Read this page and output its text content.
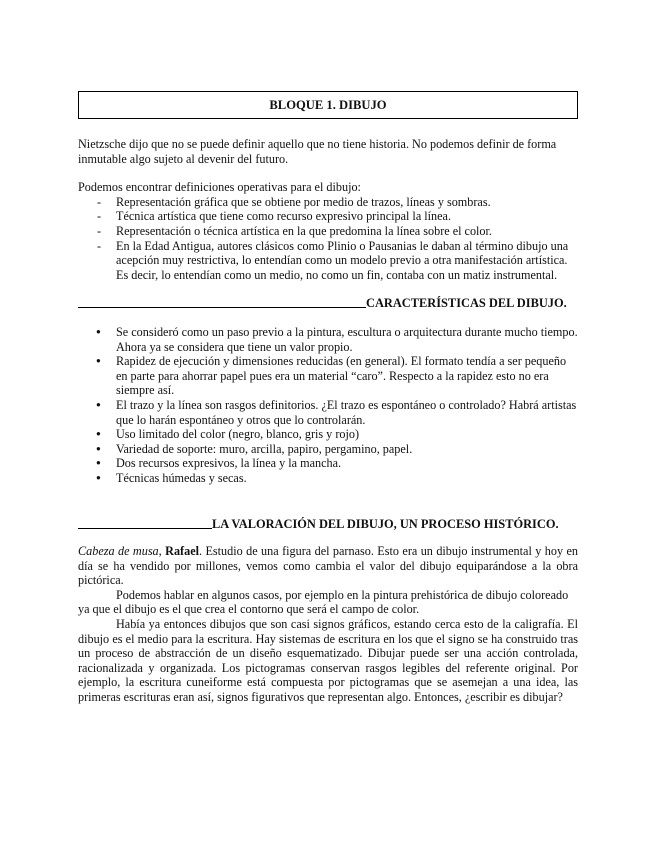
BLOQUE 1. DIBUJO

Nietzsche dijo que no se puede definir aquello que no tiene historia. No podemos definir de forma inmutable algo sujeto al devenir del futuro.

Podemos encontrar definiciones operativas para el dibujo:

- Representación gráfica que se obtiene por medio de trazos, líneas y sombras.
- Técnica artística que tiene como recurso expresivo principal la línea.
- Representación o técnica artística en la que predomina la línea sobre el color.
- En la Edad Antigua, autores clásicos como Plinio o Pausanias le daban al término dibujo una acepción muy restrictiva, lo entendían como un modelo previo a otra manifestación artística. Es decir, lo entendían como un medio, no como un fin, contaba con un matiz instrumental.
CARACTERÍSTICAS DEL DIBUJO.
● Se consideró como un paso previo a la pintura, escultura o arquitectura durante mucho tiempo. Ahora ya se considera que tiene un valor propio.
● Rapidez de ejecución y dimensiones reducidas (en general). El formato tendía a ser pequeño en parte para ahorrar papel pues era un material “caro”. Respecto a la rapidez esto no era siempre así.
● El trazo y la línea son rasgos definitorios. ¿El trazo es espontáneo o controlado? Habrá artistas que lo harán espontáneo y otros que lo controlarán.
● Uso limitado del color (negro, blanco, gris y rojo)
● Variedad de soporte: muro, arcilla, papiro, pergamino, papel.
● Dos recursos expresivos, la línea y la mancha.
● Técnicas húmedas y secas.
LA VALORACIÓN DEL DIBUJO, UN PROCESO HISTÓRICO.

Cabeza de musa, Rafael. Estudio de una figura del parnaso. Esto era un dibujo instrumental y hoy en día se ha vendido por millones, vemos como cambia el valor del dibujo equiparándose a la obra pictórica.

Podemos hablar en algunos casos, por ejemplo en la pintura prehistórica de dibujo coloreado ya que el dibujo es el que crea el contorno que será el campo de color.

Había ya entonces dibujos que son casi signos gráficos, estando cerca esto de la caligrafía. El dibujo es el medio para la escritura. Hay sistemas de escritura en los que el signo se ha construido tras un proceso de abstracción de un diseño esquematizado. Dibujar puede ser una acción controlada, racionalizada y organizada. Los pictogramas conservan rasgos legibles del referente original. Por ejemplo, la escritura cuneiforme está compuesta por pictogramas que se asemejan a una idea, las primeras escrituras eran así, signos figurativos que representan algo. Entonces, ¿escribir es dibujar?
